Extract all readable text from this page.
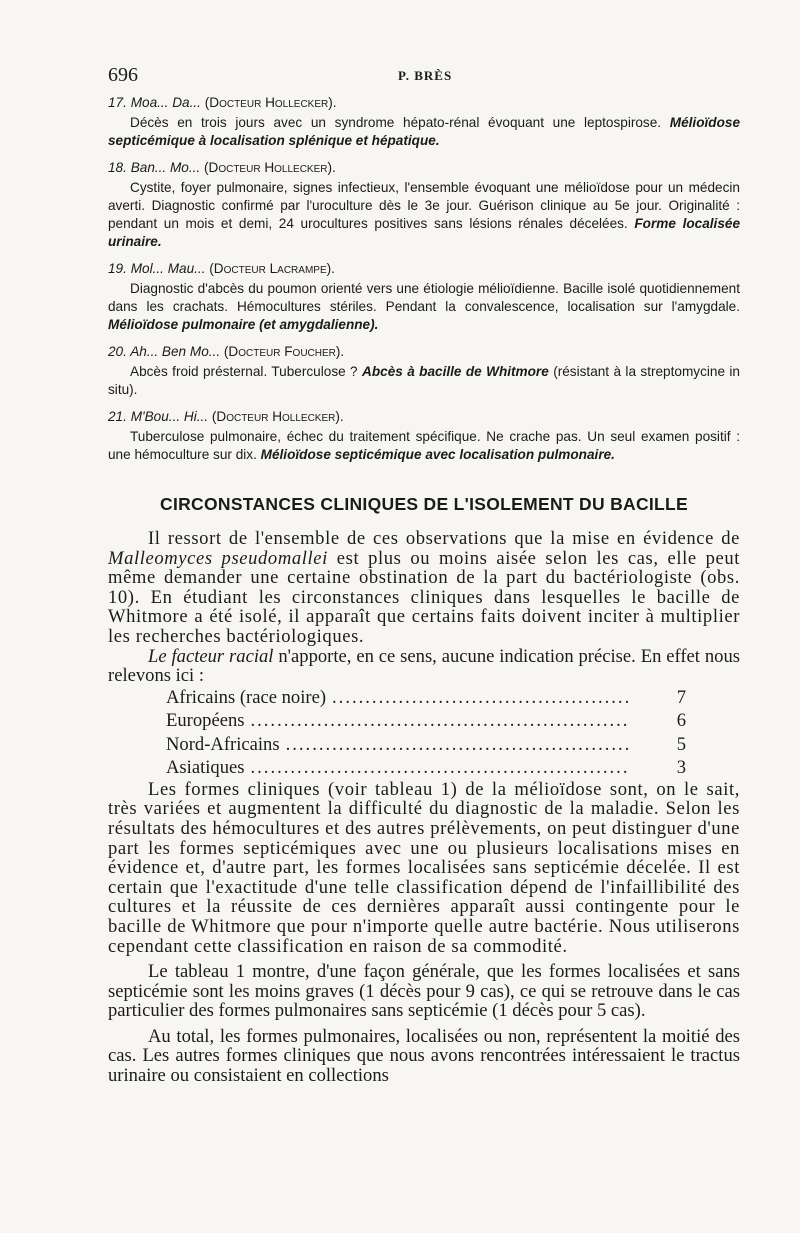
696	P. BRÈS
17. Moa... Da... (Docteur Hollecker).

Décès en trois jours avec un syndrome hépato-rénal évoquant une leptospirose. Mélioïdose septicémique à localisation splénique et hépatique.

18. Ban... Mo... (Docteur Hollecker).

Cystite, foyer pulmonaire, signes infectieux, l'ensemble évoquant une mélioïdose pour un médecin averti. Diagnostic confirmé par l'uroculture dès le 3e jour. Guérison clinique au 5e jour. Originalité : pendant un mois et demi, 24 urocultures positives sans lésions rénales décelées. Forme localisée urinaire.

19. Mol... Mau... (Docteur Lacrampe).

Diagnostic d'abcès du poumon orienté vers une étiologie mélioïdienne. Bacille isolé quotidiennement dans les crachats. Hémocultures stériles. Pendant la convalescence, localisation sur l'amygdale. Mélioïdose pulmonaire (et amygdalienne).

20. Ah... Ben Mo... (Docteur Foucher).

Abcès froid présternal. Tuberculose ? Abcès à bacille de Whitmore (résistant à la streptomycine in situ).

21. M'Bou... Hi... (Docteur Hollecker).

Tuberculose pulmonaire, échec du traitement spécifique. Ne crache pas. Un seul examen positif : une hémoculture sur dix. Mélioïdose septicémique avec localisation pulmonaire.

CIRCONSTANCES CLINIQUES DE L'ISOLEMENT DU BACILLE

Il ressort de l'ensemble de ces observations que la mise en évidence de Malleomyces pseudomallei est plus ou moins aisée selon les cas, elle peut même demander une certaine obstination de la part du bactériologiste (obs. 10). En étudiant les circonstances cliniques dans lesquelles le bacille de Whitmore a été isolé, il apparaît que certains faits doivent inciter à multiplier les recherches bactériologiques.

Le facteur racial n'apporte, en ce sens, aucune indication précise. En effet nous relevons ici :

Africains (race noire) .....	7
Européens .....	6
Nord-Africains .....	5
Asiatiques .....	3

Les formes cliniques (voir tableau 1) de la mélioïdose sont, on le sait, très variées et augmentent la difficulté du diagnostic de la maladie. Selon les résultats des hémocultures et des autres prélèvements, on peut distinguer d'une part les formes septicémiques avec une ou plusieurs localisations mises en évidence et, d'autre part, les formes localisées sans septicémie décelée. Il est certain que l'exactitude d'une telle classification dépend de l'infaillibilité des cultures et la réussite de ces dernières apparaît aussi contingente pour le bacille de Whitmore que pour n'importe quelle autre bactérie. Nous utiliserons cependant cette classification en raison de sa commodité.

Le tableau 1 montre, d'une façon générale, que les formes localisées et sans septicémie sont les moins graves (1 décès pour 9 cas), ce qui se retrouve dans le cas particulier des formes pulmonaires sans septicémie (1 décès pour 5 cas).

Au total, les formes pulmonaires, localisées ou non, représentent la moitié des cas. Les autres formes cliniques que nous avons rencontrées intéressaient le tractus urinaire ou consistaient en collections
